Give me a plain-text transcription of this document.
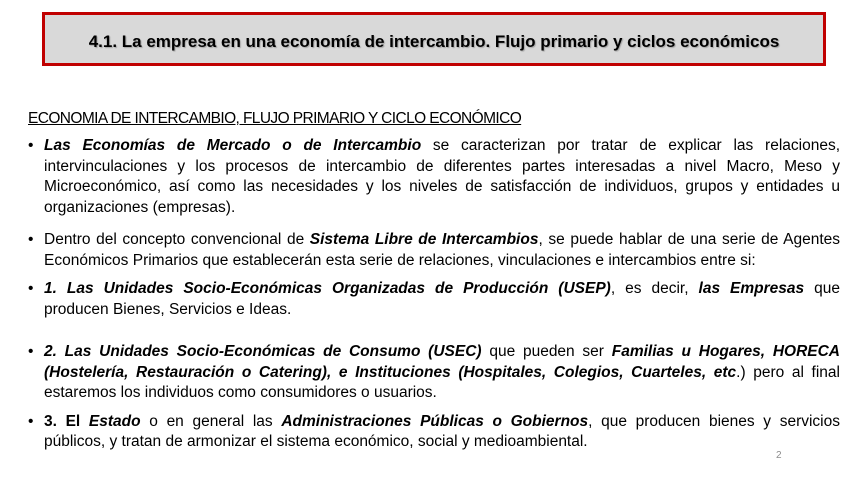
4.1. La empresa en una economía de intercambio. Flujo primario y ciclos económicos
ECONOMIA DE INTERCAMBIO, FLUJO PRIMARIO Y CICLO ECONÓMICO
• Las Economías de Mercado o de Intercambio se caracterizan por tratar de explicar las relaciones, intervinculaciones y los procesos de intercambio de diferentes partes interesadas a nivel Macro, Meso y Microeconómico, así como las necesidades y los niveles de satisfacción de individuos, grupos y entidades u organizaciones (empresas).
• Dentro del concepto convencional de Sistema Libre de Intercambios, se puede hablar de una serie de Agentes Económicos Primarios que establecerán esta serie de relaciones, vinculaciones e intercambios entre si:
• 1. Las Unidades Socio-Económicas Organizadas de Producción (USEP), es decir, las Empresas que producen Bienes, Servicios e Ideas.
• 2. Las Unidades Socio-Económicas de Consumo (USEC) que pueden ser Familias u Hogares, HORECA (Hostelería, Restauración o Catering), e Instituciones (Hospitales, Colegios, Cuarteles, etc.) pero al final estaremos los individuos como consumidores o usuarios.
• 3. El Estado o en general las Administraciones Públicas o Gobiernos, que producen bienes y servicios públicos, y tratan de armonizar el sistema económico, social y medioambiental.
2
